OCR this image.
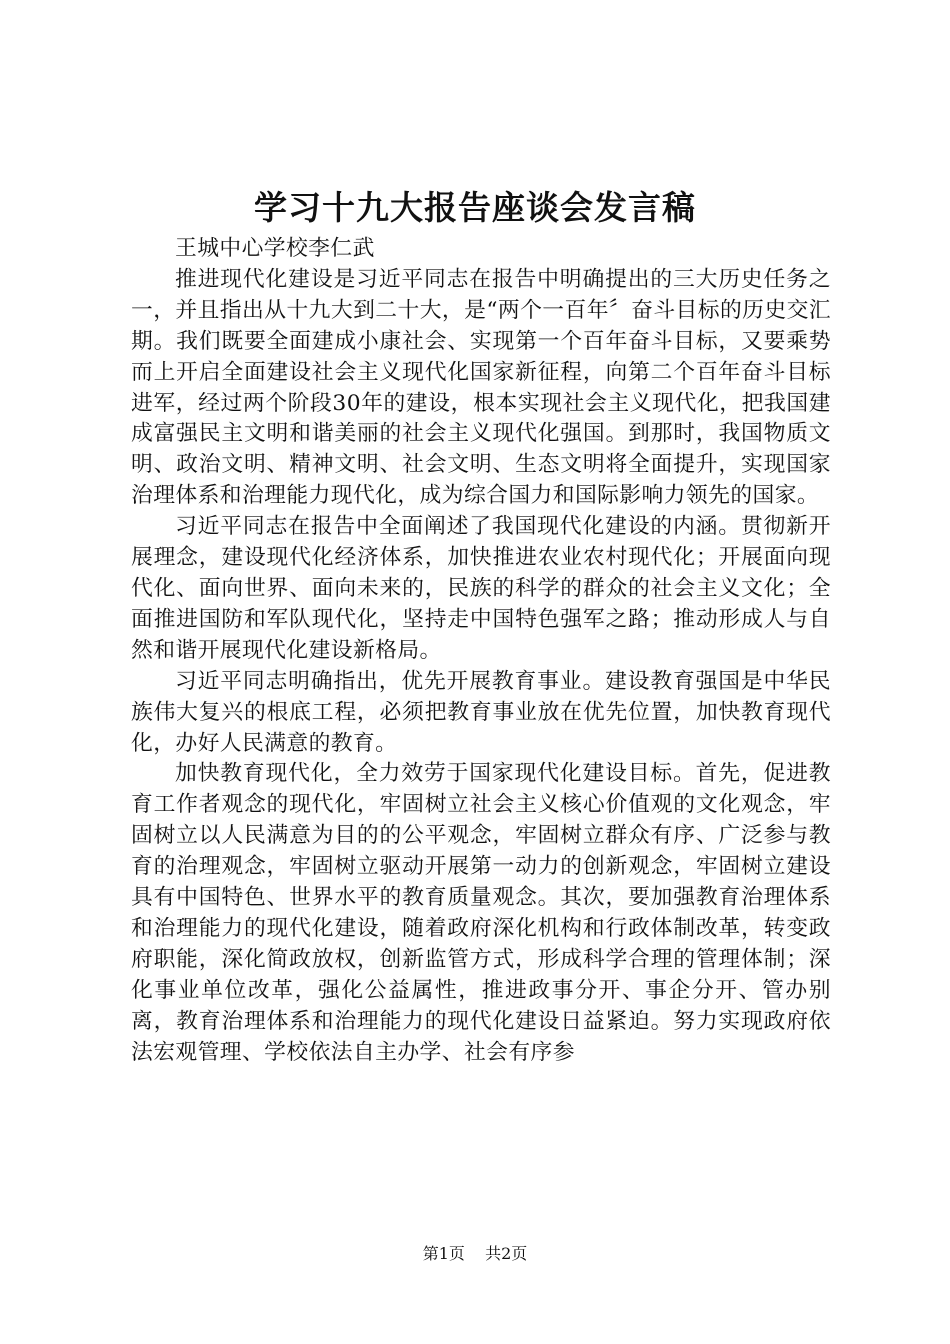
学习十九大报告座谈会发言稿

王城中心学校李仁武

推进现代化建设是习近平同志在报告中明确提出的三大历史任务之一，并且指出从十九大到二十大，是“两个一百年〞奋斗目标的历史交汇期。我们既要全面建成小康社会、实现第一个百年奋斗目标，又要乘势而上开启全面建设社会主义现代化国家新征程，向第二个百年奋斗目标进军，经过两个阶段30年的建设，根本实现社会主义现代化，把我国建成富强民主文明和谐美丽的社会主义现代化强国。到那时，我国物质文明、政治文明、精神文明、社会文明、生态文明将全面提升，实现国家治理体系和治理能力现代化，成为综合国力和国际影响力领先的国家。

习近平同志在报告中全面阐述了我国现代化建设的内涵。贯彻新开展理念，建设现代化经济体系，加快推进农业农村现代化；开展面向现代化、面向世界、面向未来的，民族的科学的群众的社会主义文化；全面推进国防和军队现代化，坚持走中国特色强军之路；推动形成人与自然和谐开展现代化建设新格局。

习近平同志明确指出，优先开展教育事业。建设教育强国是中华民族伟大复兴的根底工程，必须把教育事业放在优先位置，加快教育现代化，办好人民满意的教育。

加快教育现代化，全力效劳于国家现代化建设目标。首先，促进教育工作者观念的现代化，牢固树立社会主义核心价值观的文化观念，牢固树立以人民满意为目的的公平观念，牢固树立群众有序、广泛参与教育的治理观念，牢固树立驱动开展第一动力的创新观念，牢固树立建设具有中国特色、世界水平的教育质量观念。其次，要加强教育治理体系和治理能力的现代化建设，随着政府深化机构和行政体制改革，转变政府职能，深化简政放权，创新监管方式，形成科学合理的管理体制；深化事业单位改革，强化公益属性，推进政事分开、事企分开、管办别离，教育治理体系和治理能力的现代化建设日益紧迫。努力实现政府依法宏观管理、学校依法自主办学、社会有序参

第1页 共2页
